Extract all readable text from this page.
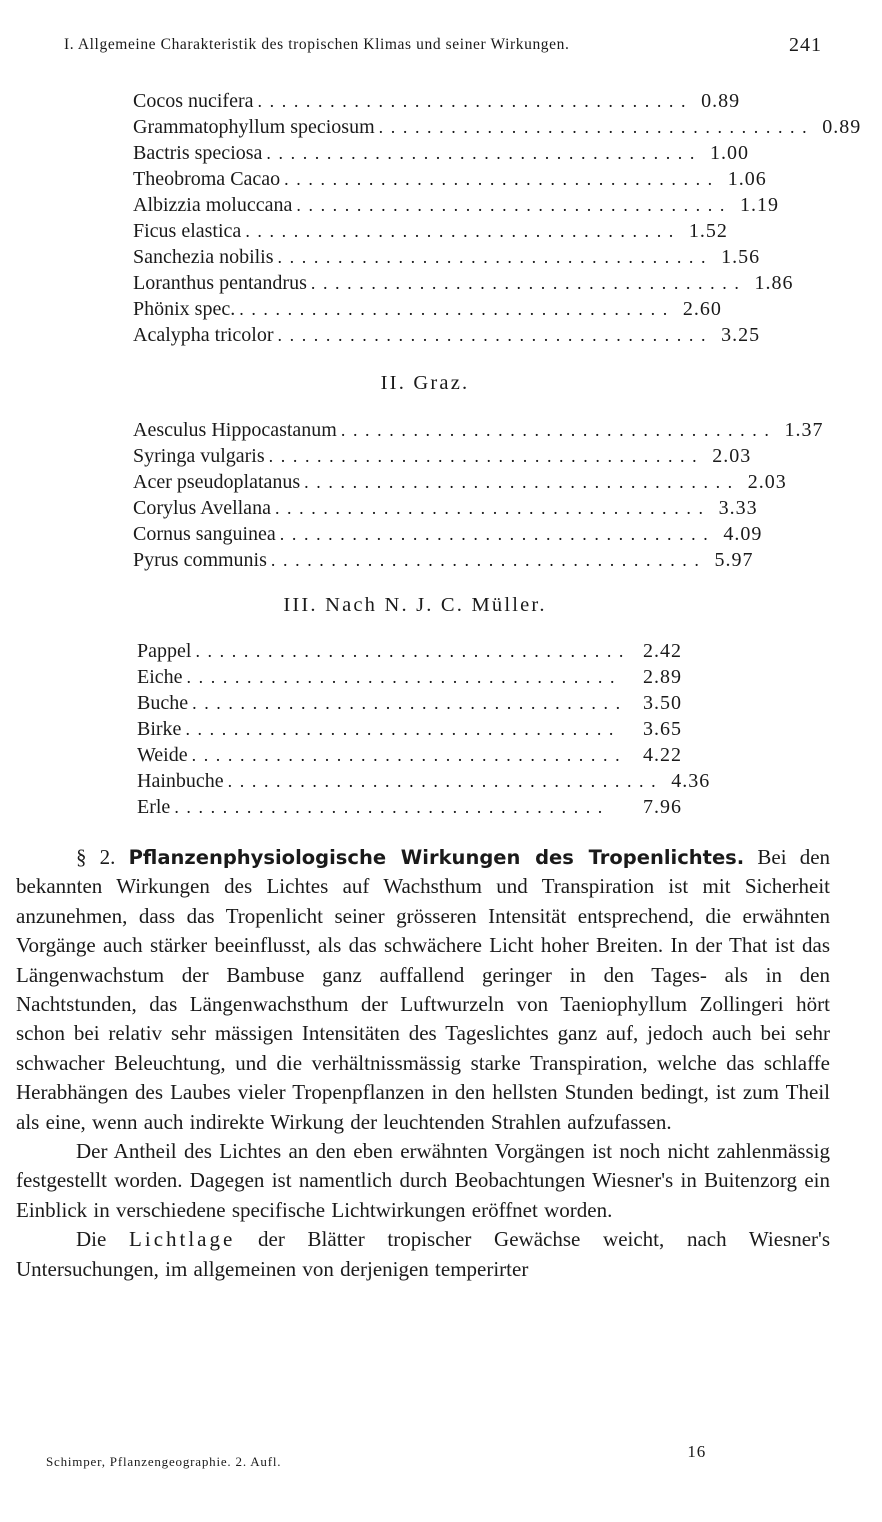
I. Allgemeine Charakteristik des tropischen Klimas und seiner Wirkungen.	241
Cocos nucifera .................................... 0.89
Grammatophyllum speciosum .................................... 0.89
Bactris speciosa .................................... 1.00
Theobroma Cacao .................................... 1.06
Albizzia moluccana .................................... 1.19
Ficus elastica .................................... 1.52
Sanchezia nobilis .................................... 1.56
Loranthus pentandrus .................................... 1.86
Phönix spec. .................................... 2.60
Acalypha tricolor .................................... 3.25
II. Graz.
Aesculus Hippocastanum .................................... 1.37
Syringa vulgaris .................................... 2.03
Acer pseudoplatanus .................................... 2.03
Corylus Avellana .................................... 3.33
Cornus sanguinea .................................... 4.09
Pyrus communis .................................... 5.97
III. Nach N. J. C. Müller.
Pappel .................................... 2.42
Eiche ....................................	2.89
Buche .................................... 3.50
Birke ....................................	3.65
Weide .................................... 4.22
Hainbuche .................................... 4.36
Erle ....................................	7.96

§ 2. Pflanzenphysiologische Wirkungen des Tropenlichtes. Bei den bekannten Wirkungen des Lichtes auf Wachsthum und Transpiration ist mit Sicherheit anzunehmen, dass das Tropenlicht seiner grösseren Intensität entsprechend, die erwähnten Vorgänge auch stärker beeinflusst, als das schwächere Licht hoher Breiten. In der That ist das Längenwachstum der Bambuse ganz auffallend geringer in den Tages- als in den Nachtstunden, das Längenwachsthum der Luftwurzeln von Taeniophyllum Zollingeri hört schon bei relativ sehr mässigen Intensitäten des Tageslichtes ganz auf, jedoch auch bei sehr schwacher Beleuchtung, und die verhältnissmässig starke Transpiration, welche das schlaffe Herabhängen des Laubes vieler Tropenpflanzen in den hellsten Stunden bedingt, ist zum Theil als eine, wenn auch indirekte Wirkung der leuchtenden Strahlen aufzufassen.

Der Antheil des Lichtes an den eben erwähnten Vorgängen ist noch nicht zahlenmässig festgestellt worden. Dagegen ist namentlich durch Beobachtungen Wiesner's in Buitenzorg ein Einblick in verschiedene specifische Lichtwirkungen eröffnet worden.

Die Lichtlage der Blätter tropischer Gewächse weicht, nach Wiesner's Untersuchungen, im allgemeinen von derjenigen temperirter

Schimper, Pflanzengeographie. 2. Aufl.
16
